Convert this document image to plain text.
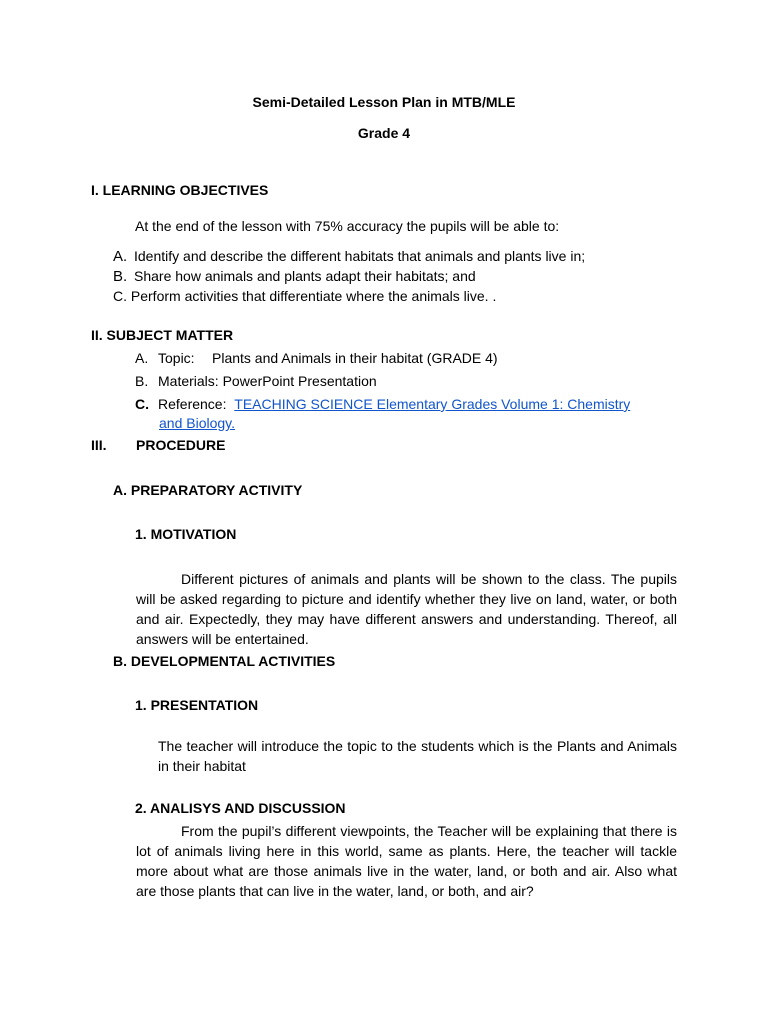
Semi-Detailed Lesson Plan in MTB/MLE
Grade 4
I. LEARNING OBJECTIVES
At the end of the lesson with 75% accuracy the pupils will be able to:
A. Identify and describe the different habitats that animals and plants live in;
B. Share how animals and plants adapt their habitats; and
C. Perform activities that differentiate where the animals live. .
II. SUBJECT MATTER
A. Topic: Plants and Animals in their habitat (GRADE 4)
B. Materials: PowerPoint Presentation
C. Reference: TEACHING SCIENCE Elementary Grades Volume 1: Chemistry
and Biology.
III. PROCEDURE
A. PREPARATORY ACTIVITY
1. MOTIVATION

Different pictures of animals and plants will be shown to the class. The pupils will be asked regarding to picture and identify whether they live on land, water, or both and air. Expectedly, they may have different answers and understanding. Thereof, all answers will be entertained.

B. DEVELOPMENTAL ACTIVITIES
1. PRESENTATION

The teacher will introduce the topic to the students which is the Plants and Animals in their habitat

2. ANALISYS AND DISCUSSION

From the pupil’s different viewpoints, the Teacher will be explaining that there is lot of animals living here in this world, same as plants. Here, the teacher will tackle more about what are those animals live in the water, land, or both and air. Also what are those plants that can live in the water, land, or both, and air?
